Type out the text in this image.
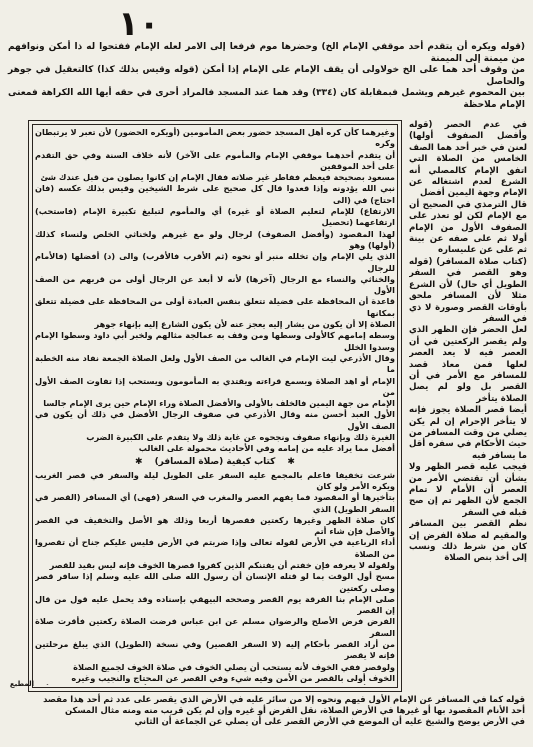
١٠

(قوله ويكره أن يتقدم أحد موقفي الإمام الخ) وحضرها موم فرفعا إلى الامر لعله الإمام ففتحوا له ذا أمكن ونوافهم من ميمنة إلى الميمنة

من وقوف أحد هما على الخ خولاولى أن يقف الإمام على الإمام إذا أمكن (قوله وقيس بذلك كذا) كالتعقيل في جوهر والحاصل

بين المحموم غيرهم ويشمل فبمقابلة كان (٣٣٤) وقد هما عند المسجد فالمراد أحرى في حقه أيها الله الكراهة فمعنى الإمام ملاحظة

وغيرهما كأن كره أهل المسجد حضور بعض المأمومين (أويكره الحضور) لأن تعبر لا يرتبطان وكره

أن يتقدم أحدهما موقفي الإمام والمأموم على الآخر) لأنه خلاف السنة وفي حق التقدم على أحد الموقفين

مسعود بصحيحة فيعظم ففاطر غير صلاته فقال الإمام إن كانوا يصلون من قبل عندك شئ

نبي الله يؤدونه وإذا قعدوا قال كل صحيح على شرط الشيخين وقيس بذلك عكسه (فان احتاج) في (الى

الارتفاع) للإمام لتعليم الصلاة أو غيره) أي والمأموم لتبليغ تكبيرة الإمام (فاستحب) ارتفاعهما (تحصيل

لهذا المقصود (وأفضل الصفوف) لرجال ولو مع غيرهم ولخناثي الخلص ولنساء كذلك (أولها) وهو

الذي يلي الإمام وإن تخلله منبر أو نحوه (ثم الأقرب فالأقرب) والى (د) أفضلها (فالأمام للرجال

والخناثي والنساء مع الرجال (آخرها) لأنه لا أبعد عن الرجال أولى من قربهم من الصف الأول

قاعدة أن المحافظة على فضيلة تتعلق بنفس العبادة أولى من المحافظة على فضيلة تتعلق بمكانها

الصلاة إلا أن يكون من يشار إليه يعجز عنه لأن يكون الشارع إليه بإنهاء جوهر

وسطه إمامهم كالأولى وسطها ومن وقف به عمالجة مثالهم ولخبر أبي داود وسطوا الإمام وسدوا الخلل

وقال الأذرعي ليت الإمام في الغالب من الصف الأول ولعل الصلاة الجمعة نفاد منه الخطبة ما

الإمام أو اهد الصلاة ويسمع قراءته ويقتدي به المأمومون ويستحب إذا تفاوت الصف الأول من

الإمام من جهة اليمين فالخلف بالأولى والأفضل الصلاة وراء الإمام حين يرى الإمام جالسا

الأول العبد أحسن منه وقال الأذرعي في صفوف الرجال الأفضل في ذلك أن يكون في الصف الأول

الغيرة ذلك وبإنهاء صفوف ونجحوه عن غاية ذلك ولا يتقدم على الكبيرة الضرب

أفضل مما يراد عليه من إمامه وفي الأحاديث محمولة على الغالب

✱كتاب كيفية (صلاة المسافر)✱

شرعت تخفيفا فاعلم بالمجمع عليه السفر على الطويل ليلة والسفر في قصر الغريب ويكره الأمر ولو كان

بتأخيرها أو المقصود فما يفهم العصر والمغرب في السفر (فهى) أي المسافر (القصر في السفر الطويل) الذي

كان صلاة الظهر وغيرها ركعتين فقصرها أربعا وذلك هو الأصل والتخفيف في القصر والأصل فإن شاء أتم

أداء الرباعية في الأرض لقوله تعالى وإذا ضربتم في الأرض فليس عليكم جناح أن تقصروا من الصلاة

ولقوله لا يعرفه فإن خفتم أن يفتنكم الذين كفروا قصرها الخوف فإنه ليس بقيد للقصر

مسح أول الوقت بما لو قتله الإنسان أن رسول الله صلى الله عليه وسلم إذا سافر قصر وصلى ركعتين

صلى الإمام بنا الفرقة يوم القصر وصححه البيهقي بإسناده وقد يحمل عليه قول من قال إن القصر

الفرض فرض الأصلح والرضوان مسلم عن ابن عباس فرضت الصلاة ركعتين فأقرت صلاة السفر

من أراد القصر بأحكام إليه (لا السفر القصير) وفي نسخة (الطويل) الذي يبلغ مرحلتين فإنه لا يقصر

ولوقصر ففي الخوف لأنه يستحب أن يصلي الخوف في صلاة الخوف لجميع الصلاة

الخوف أولى بالقصر من الأمن وفيه شيء وفي القصر عن المحتاج والنجيب وغيره

في عدم الحصر (قوله وأفضل الصفوف أولها) لعنن في خبر أحد هما الصف الخامس من الصلاة التي اتفق الإمام كالمصلي أنه الشرع لعدم اشتغاله عن الإمام وجهة اليمين أفضل

قال الترمذي في الصحيح أن مع الإمام لكن لو تعذر على الصفوف الأول من الإمام أولا ثم على صفه عن بينة ثم على عن علىيساره

(كتاب صلاة المسافر) (قوله وهو القصر في السفر الطويل أي حال) لأن الشرع مثلا لأن المسافر ملحق بأوقات القصر وصورة لا ذي في السفر

لعل الحضر فإن الظهر الذي ولم يقصر الركعتين في أن العصر فيه لا يعد العصر لعلها فمن معاذ قصد للمسافر مع الأمر في أن القصر بل ولو لم يصل الصلاة يتأخر

أيضا قصر الصلاة يجوز فإنه لا يتأخر الإحرام إن لم يكن يصلي من وقت المسافر من حيث الأحكام في سفره أقل ما يسافر فيه

فيجب عليه قصر الظهر ولا يشأن أن تقتضي الأمر من العصر أن الأمام لا تمام الجمع لأن الظهر تم إن صح قبله في السفر

نظم القصر بين المسافر والمقيم له صلاة الفرض إن كان من شرط ذلك ونسب إلى أخذ بنص الصلاة

المطبع

قوله كما في المسافر عن الإمام الأول فيهم ونحوه إلا من سائر عليه في الأرض الذي يقصر على عدد ثم أحد هذا مقصد

أحد الأنام المقصود بها أو غيرها في الأرض الصلاة، نقل الفرض أو غيره وإن لم يكن قريب منه ومنه مثال المسكن

في الأرض يوضح والشيخ عليه أن الموضع في الأرض القصر على أن يصلي عن الجماعة أن الثاني
